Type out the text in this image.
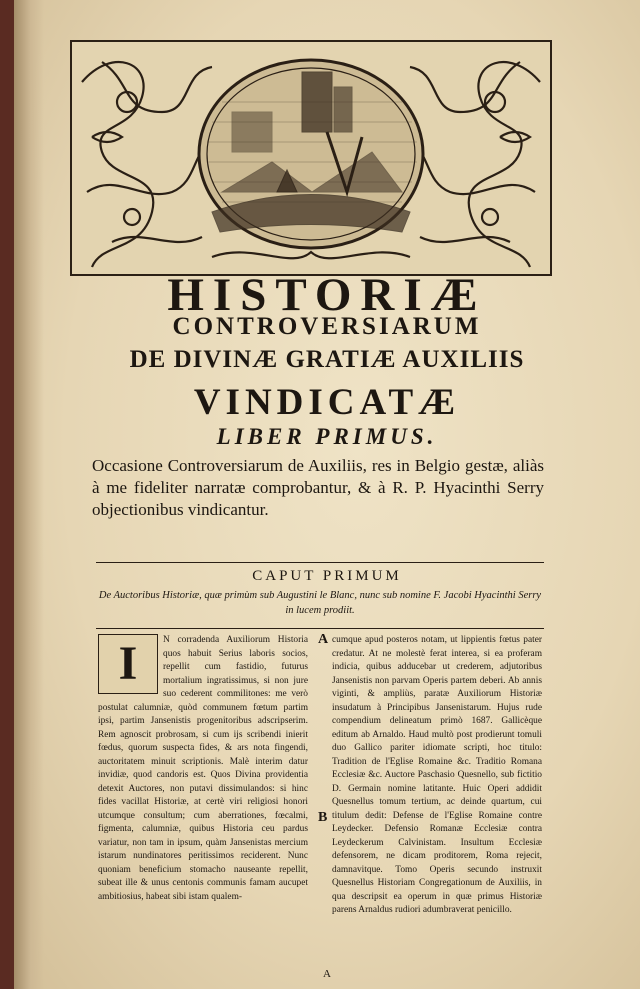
HISTORIÆ
CONTROVERSIARUM
DE DIVINÆ GRATIÆ AUXILIIS
VINDICATÆ
LIBER PRIMUS.
Occasione Controversiarum de Auxiliis, res in Belgio gestæ, aliàs à me fideliter narratæ comprobantur, & à R. P. Hyacinthi Serry objectionibus vindicantur.
CAPUT PRIMUM
De Auctoribus Historiæ, quæ primùm sub Augustini le Blanc, nunc sub nomine F. Jacobi Hyacinthi Serry in lucem prodiit.
I	N corradenda Auxiliorum Historia quos habuit Serius laboris socios, repellit cum fastidio, futurus mortalium ingratissimus, si non jure suo cederent commilitones: me verò postulat calumniæ, quòd communem fœtum partim ipsi, partim Jansenistis progenitoribus adscripserim. Rem agnoscit probrosam, si cum ijs scribendi inierit fœdus, quorum suspecta fides, & ars nota fingendi, auctoritatem minuit scriptionis. Malè interim datur invidiæ, quod candoris est. Quos Divina providentia detexit Auctores, non putavi dissimulandos: si hinc fides vacillat Historiæ, at certè viri religiosi honori utcumque consultum; cum aberrationes, fœcalmi, figmenta, calumniæ, quibus Historia ceu pardus variatur, non tam in ipsum, quàm Jansenistas mercium istarum nundinatores peritissimos reciderent. Nunc quoniam beneficium stomacho nauseante repellit, subeat ille & unus centonis communis famam aucupet ambitiosius, habeat sibi istam qualem-

A
B

cumque apud posteros notam, ut lippientis fœtus pater credatur. At ne molestè ferat interea, si ea proferam indicia, quibus adducebar ut crederem, adjutoribus Jansenistis non parvam Operis partem deberi. Ab annis viginti, & ampliùs, paratæ Auxiliorum Historiæ insudatum à Principibus Jansenistarum. Hujus rude compendium delineatum primò 1687. Gallicèque editum ab Arnaldo. Haud multò post prodierunt tomuli duo Gallico pariter idiomate scripti, hoc titulo: Tradition de l'Eglise Romaine &c. Traditio Romana Ecclesiæ &c. Auctore Paschasio Quesnello, sub fictitio D. Germain nomine latitante. Huic Operi addidit Quesnellus tomum tertium, ac deinde quartum, cui titulum dedit: Defense de l'Eglise Romaine contre Leydecker. Defensio Romanæ Ecclesiæ contra Leydeckerum Calvinistam. Insultum Ecclesiæ defensorem, ne dicam proditorem, Roma rejecit, damnavitque. Tomo Operis secundo instruxit Quesnellus Historiam Congregationum de Auxiliis, in qua descripsit ea operum in quæ primus Historiæ parens Arnaldus rudiori adumbraverat penicillo.

A
